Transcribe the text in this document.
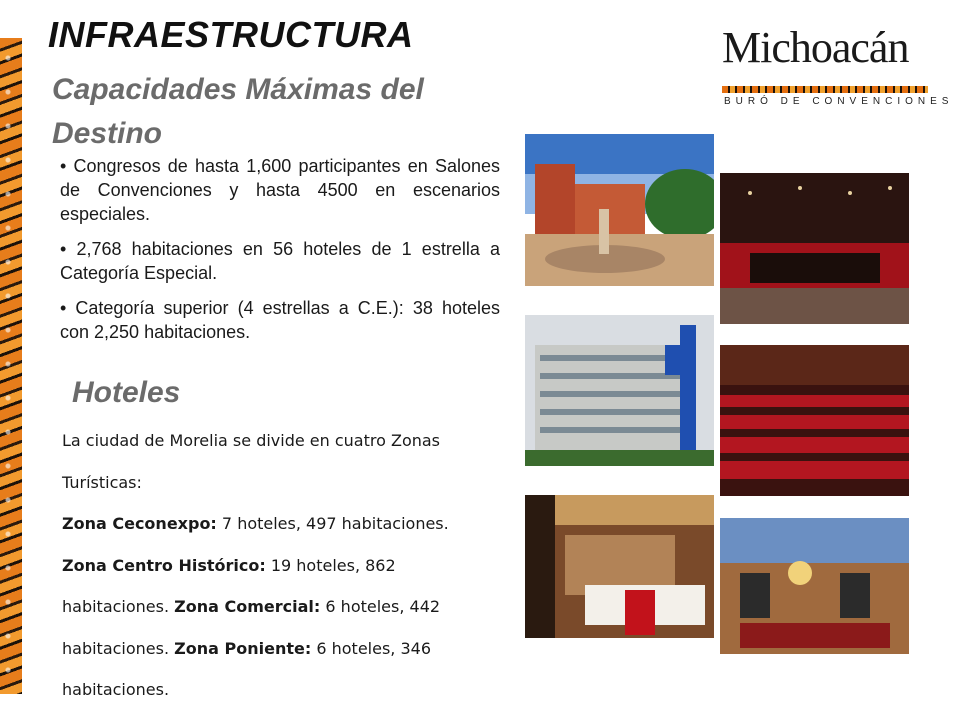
INFRAESTRUCTURA
Capacidades Máximas del Destino
Michoacán
BURÓ DE CONVENCIONES
• Congresos de hasta 1,600 participantes en Salones de Convenciones y hasta 4500 en escenarios especiales.
• 2,768 habitaciones en 56 hoteles de 1 estrella a Categoría Especial.
• Categoría superior (4 estrellas a C.E.): 38 hoteles con 2,250 habitaciones.
Hoteles
La ciudad de Morelia se divide en cuatro Zonas Turísticas:
Zona Ceconexpo: 7 hoteles, 497 habitaciones.
Zona Centro Histórico: 19 hoteles, 862 habitaciones. Zona Comercial: 6 hoteles, 442 habitaciones. Zona Poniente: 6 hoteles, 346 habitaciones.
